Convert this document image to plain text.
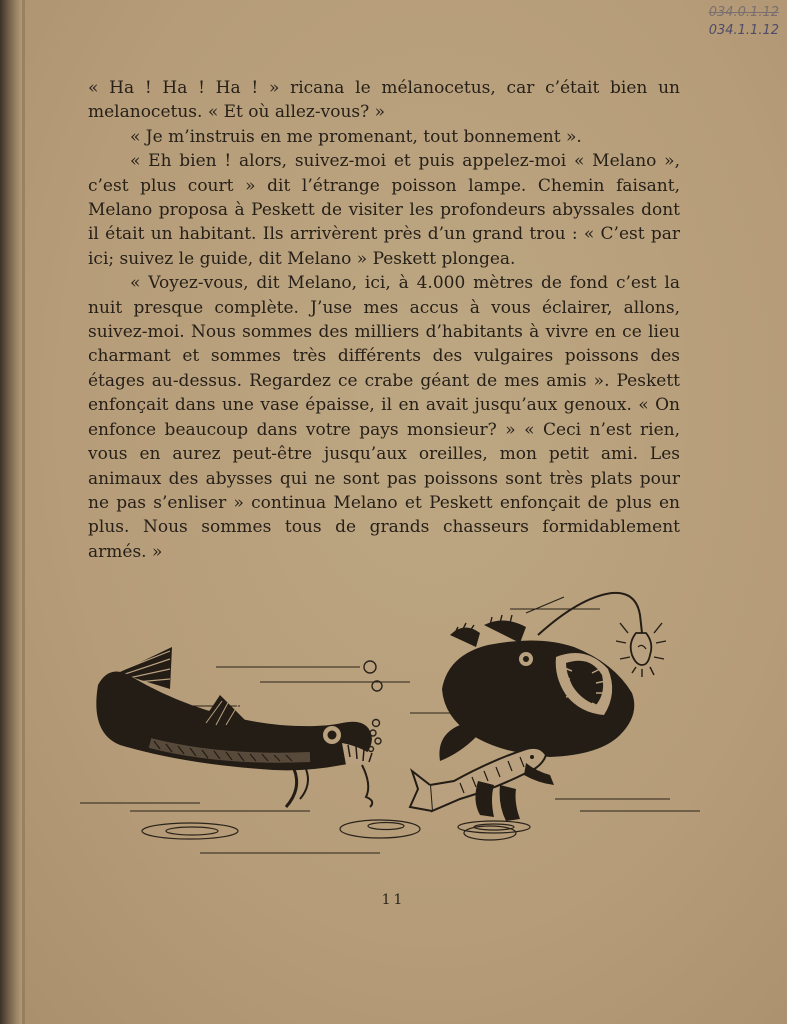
034.0.1.12
034.1.1.12

« Ha ! Ha ! Ha ! » ricana le mélanocetus, car c’était bien un melanocetus. « Et où allez-vous? »

« Je m’instruis en me promenant, tout bonnement ».

« Eh bien ! alors, suivez-moi et puis appelez-moi « Melano », c’est plus court » dit l’étrange poisson lampe. Chemin faisant, Melano proposa à Peskett de visiter les profondeurs abyssales dont il était un habitant. Ils arrivèrent près d’un grand trou : « C’est par ici; suivez le guide, dit Melano » Peskett plongea.

« Voyez-vous, dit Melano, ici, à 4.000 mètres de fond c’est la nuit presque complète. J’use mes accus à vous éclairer, allons, suivez-moi. Nous sommes des milliers d’habitants à vivre en ce lieu charmant et sommes très différents des vulgaires poissons des étages au-dessus. Regardez ce crabe géant de mes amis ». Peskett enfonçait dans une vase épaisse, il en avait jusqu’aux genoux. « On enfonce beaucoup dans votre pays monsieur? » « Ceci n’est rien, vous en aurez peut-être jusqu’aux oreilles, mon petit ami. Les animaux des abysses qui ne sont pas poissons sont très plats pour ne pas s’enliser » continua Melano et Peskett enfonçait de plus en plus. Nous sommes tous de grands chasseurs formidablement armés. »

11
